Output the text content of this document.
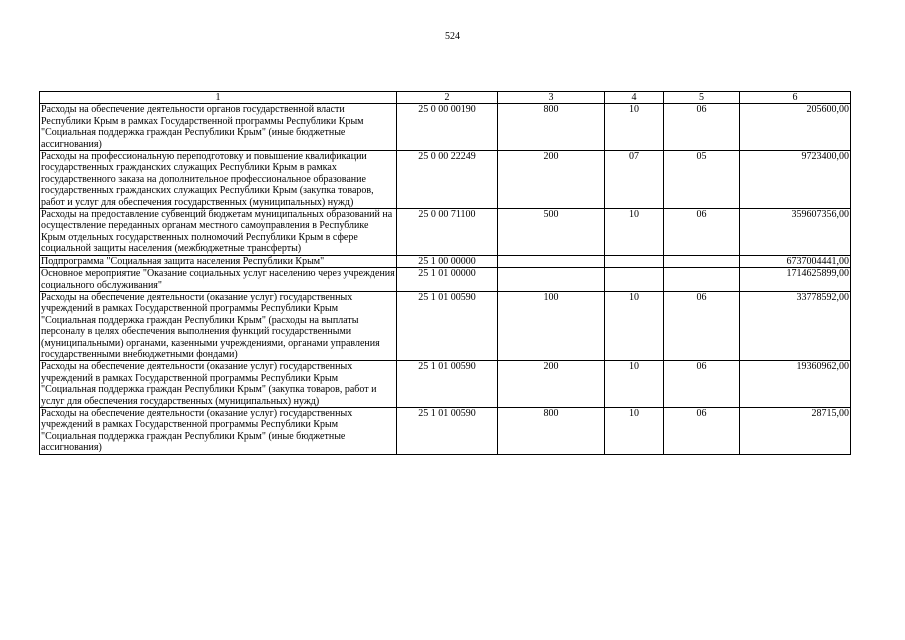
524
1	2	3	4	5	6
Расходы на обеспечение деятельности органов государственной власти Республики Крым в рамках Государственной программы Республики Крым "Социальная поддержка граждан Республики Крым" (иные бюджетные ассигнования)	25 0 00 00190	800	10	06	205600,00
Расходы на профессиональную переподготовку и повышение квалификации государственных гражданских служащих Республики Крым в рамках государственного заказа на дополнительное профессиональное образование государственных гражданских служащих Республики Крым (закупка товаров, работ и услуг для обеспечения государственных (муниципальных) нужд)	25 0 00 22249	200	07	05	9723400,00
Расходы на предоставление субвенций бюджетам муниципальных образований на осуществление переданных органам местного самоуправления в Республике Крым отдельных государственных полномочий Республики Крым в сфере социальной защиты населения (межбюджетные трансферты)	25 0 00 71100	500	10	06	359607356,00
Подпрограмма "Социальная защита населения Республики Крым"	25 1 00 00000				6737004441,00
Основное мероприятие "Оказание социальных услуг населению через учреждения социального обслуживания"	25 1 01 00000				1714625899,00
Расходы на обеспечение деятельности (оказание услуг) государственных учреждений в рамках Государственной программы Республики Крым "Социальная поддержка граждан Республики Крым" (расходы на выплаты персоналу в целях обеспечения выполнения функций государственными (муниципальными) органами, казенными учреждениями, органами управления государственными внебюджетными фондами)	25 1 01 00590	100	10	06	33778592,00
Расходы на обеспечение деятельности (оказание услуг) государственных учреждений в рамках Государственной программы Республики Крым "Социальная поддержка граждан Республики Крым" (закупка товаров, работ и услуг для обеспечения государственных (муниципальных) нужд)	25 1 01 00590	200	10	06	19360962,00
Расходы на обеспечение деятельности (оказание услуг) государственных учреждений в рамках Государственной программы Республики Крым "Социальная поддержка граждан Республики Крым" (иные бюджетные ассигнования)	25 1 01 00590	800	10	06	28715,00
